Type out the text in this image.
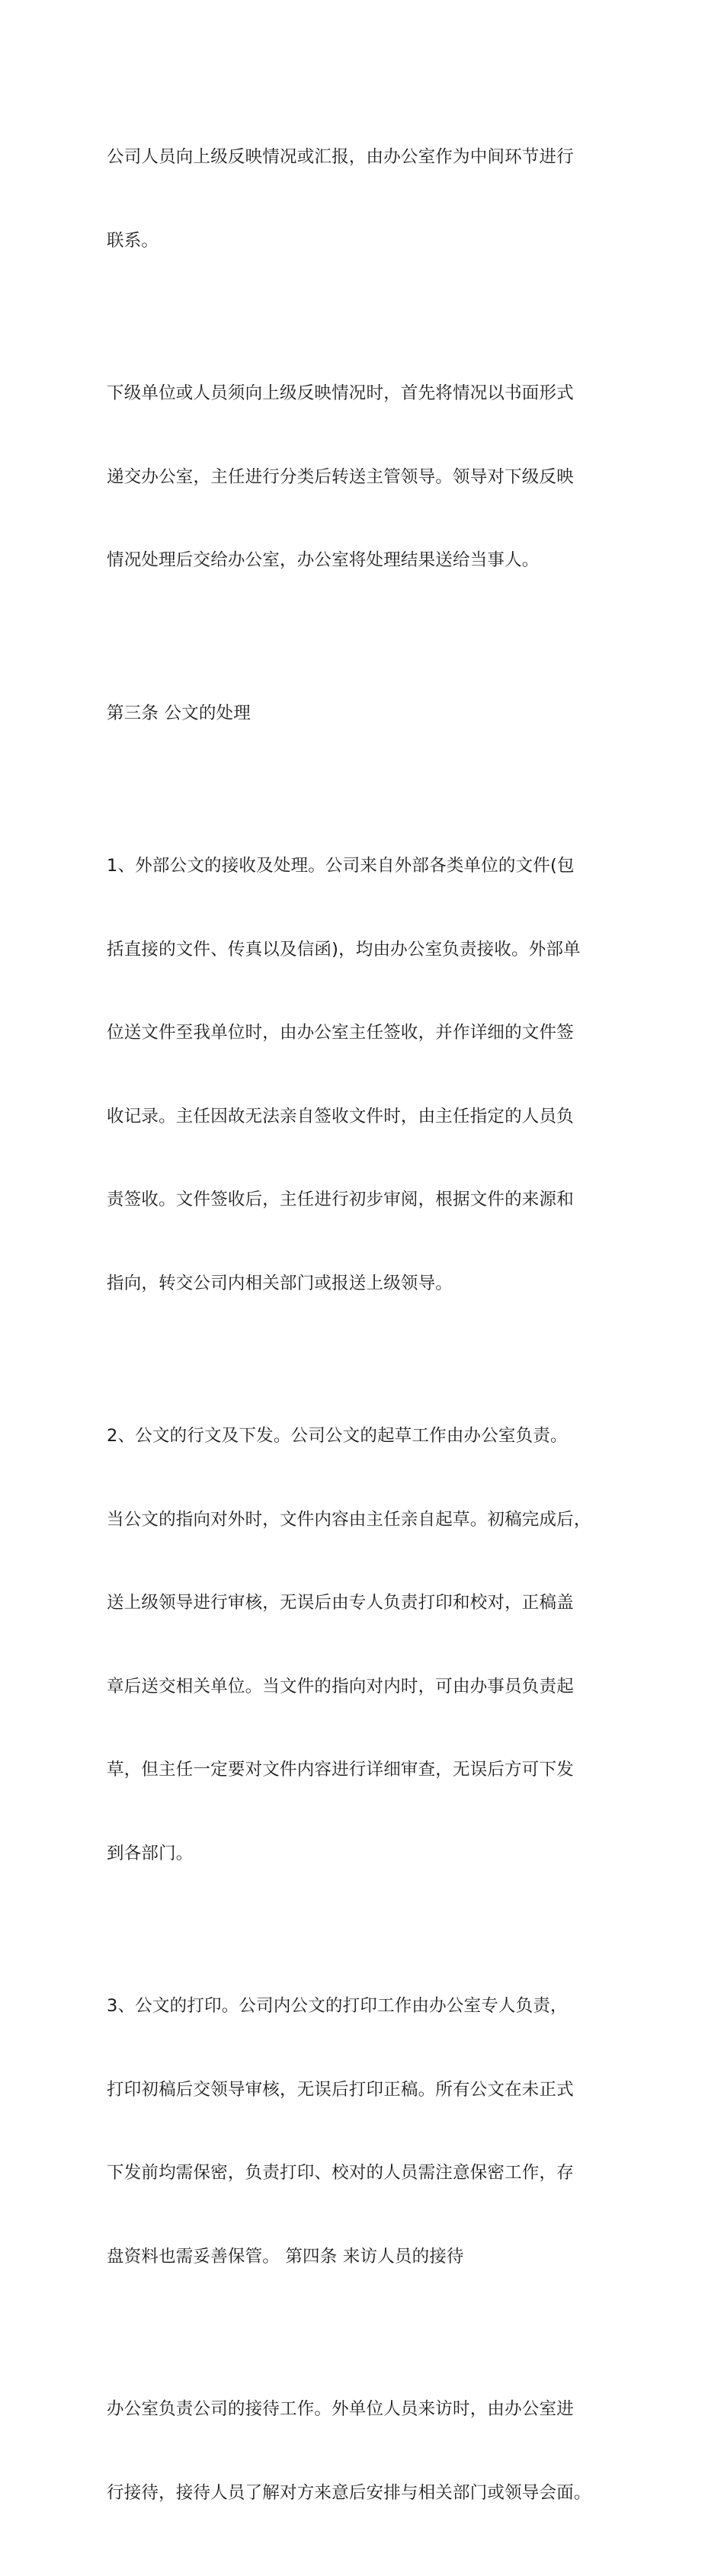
公司人员向上级反映情况或汇报，由办公室作为中间环节进行

联系。

下级单位或人员须向上级反映情况时，首先将情况以书面形式

递交办公室，主任进行分类后转送主管领导。领导对下级反映

情况处理后交给办公室，办公室将处理结果送给当事人。

第三条 公文的处理

1、外部公文的接收及处理。公司来自外部各类单位的文件(包

括直接的文件、传真以及信函)，均由办公室负责接收。外部单

位送文件至我单位时，由办公室主任签收，并作详细的文件签

收记录。主任因故无法亲自签收文件时，由主任指定的人员负

责签收。文件签收后，主任进行初步审阅，根据文件的来源和

指向，转交公司内相关部门或报送上级领导。

2、公文的行文及下发。公司公文的起草工作由办公室负责。

当公文的指向对外时，文件内容由主任亲自起草。初稿完成后，

送上级领导进行审核，无误后由专人负责打印和校对，正稿盖

章后送交相关单位。当文件的指向对内时，可由办事员负责起

草，但主任一定要对文件内容进行详细审查，无误后方可下发

到各部门。

3、公文的打印。公司内公文的打印工作由办公室专人负责，

打印初稿后交领导审核，无误后打印正稿。所有公文在未正式

下发前均需保密，负责打印、校对的人员需注意保密工作，存

盘资料也需妥善保管。 第四条 来访人员的接待

办公室负责公司的接待工作。外单位人员来访时，由办公室进

行接待，接待人员了解对方来意后安排与相关部门或领导会面。
